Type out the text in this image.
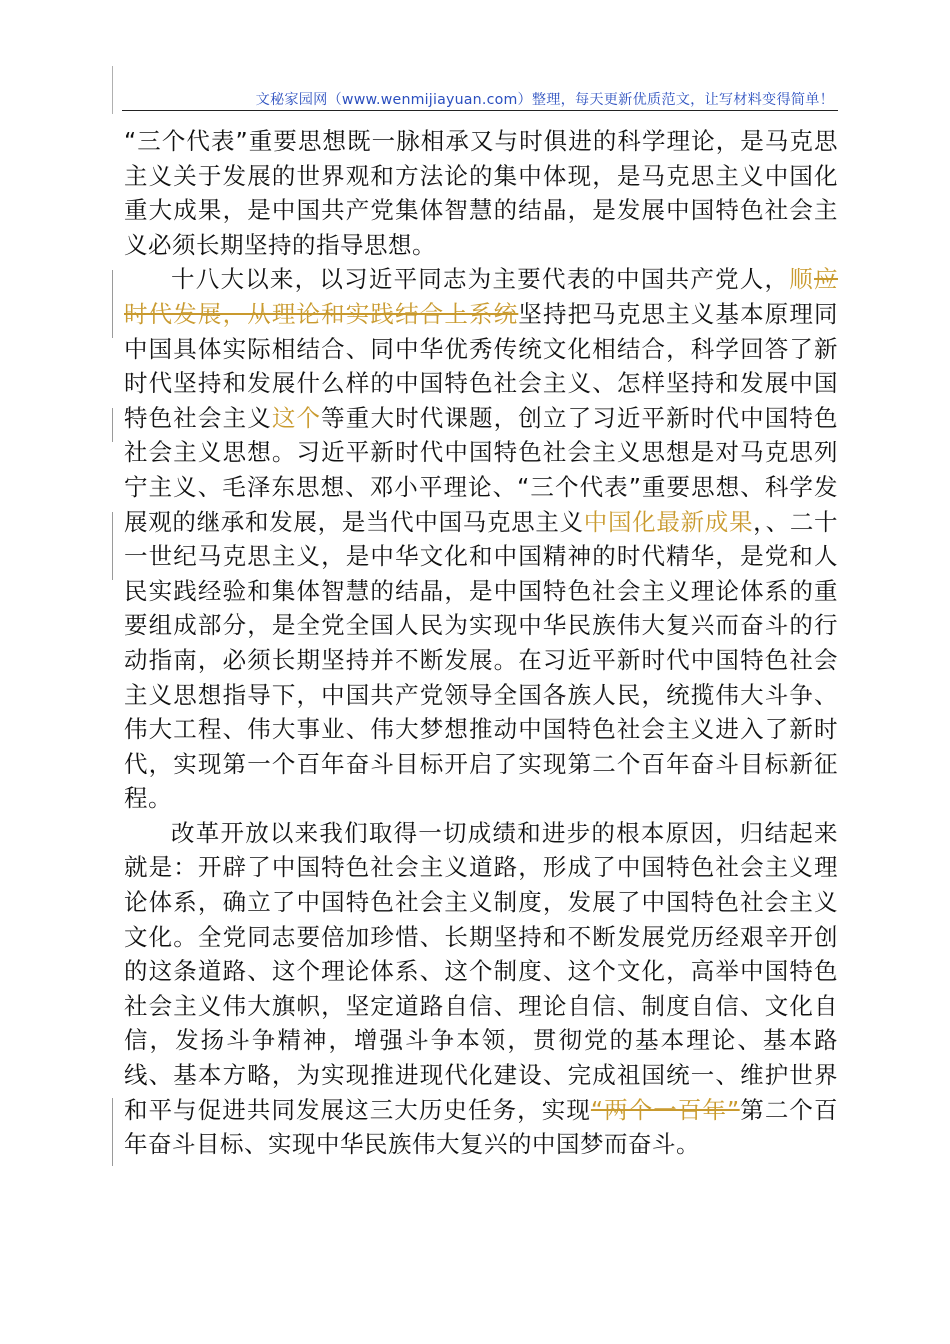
文秘家园网（www.wenmijiayuan.com）整理，每天更新优质范文，让写材料变得简单！

“三个代表”重要思想既一脉相承又与时俱进的科学理论，是马克思主义关于发展的世界观和方法论的集中体现，是马克思主义中国化重大成果，是中国共产党集体智慧的结晶，是发展中国特色社会主义必须长期坚持的指导思想。

十八大以来，以习近平同志为主要代表的中国共产党人，顺应时代发展，从理论和实践结合上系统坚持把马克思主义基本原理同中国具体实际相结合、同中华优秀传统文化相结合，科学回答了新时代坚持和发展什么样的中国特色社会主义、怎样坚持和发展中国特色社会主义这个等重大时代课题，创立了习近平新时代中国特色社会主义思想。习近平新时代中国特色社会主义思想是对马克思列宁主义、毛泽东思想、邓小平理论、“三个代表”重要思想、科学发展观的继承和发展，是当代中国马克思主义中国化最新成果，、二十一世纪马克思主义，是中华文化和中国精神的时代精华，是党和人民实践经验和集体智慧的结晶，是中国特色社会主义理论体系的重要组成部分，是全党全国人民为实现中华民族伟大复兴而奋斗的行动指南，必须长期坚持并不断发展。在习近平新时代中国特色社会主义思想指导下，中国共产党领导全国各族人民，统揽伟大斗争、伟大工程、伟大事业、伟大梦想推动中国特色社会主义进入了新时代，实现第一个百年奋斗目标开启了实现第二个百年奋斗目标新征程。

改革开放以来我们取得一切成绩和进步的根本原因，归结起来就是：开辟了中国特色社会主义道路，形成了中国特色社会主义理论体系，确立了中国特色社会主义制度，发展了中国特色社会主义文化。全党同志要倍加珍惜、长期坚持和不断发展党历经艰辛开创的这条道路、这个理论体系、这个制度、这个文化，高举中国特色社会主义伟大旗帜，坚定道路自信、理论自信、制度自信、文化自信，发扬斗争精神，增强斗争本领，贯彻党的基本理论、基本路线、基本方略，为实现推进现代化建设、完成祖国统一、维护世界和平与促进共同发展这三大历史任务，实现“两个一百年”第二个百年奋斗目标、实现中华民族伟大复兴的中国梦而奋斗。
